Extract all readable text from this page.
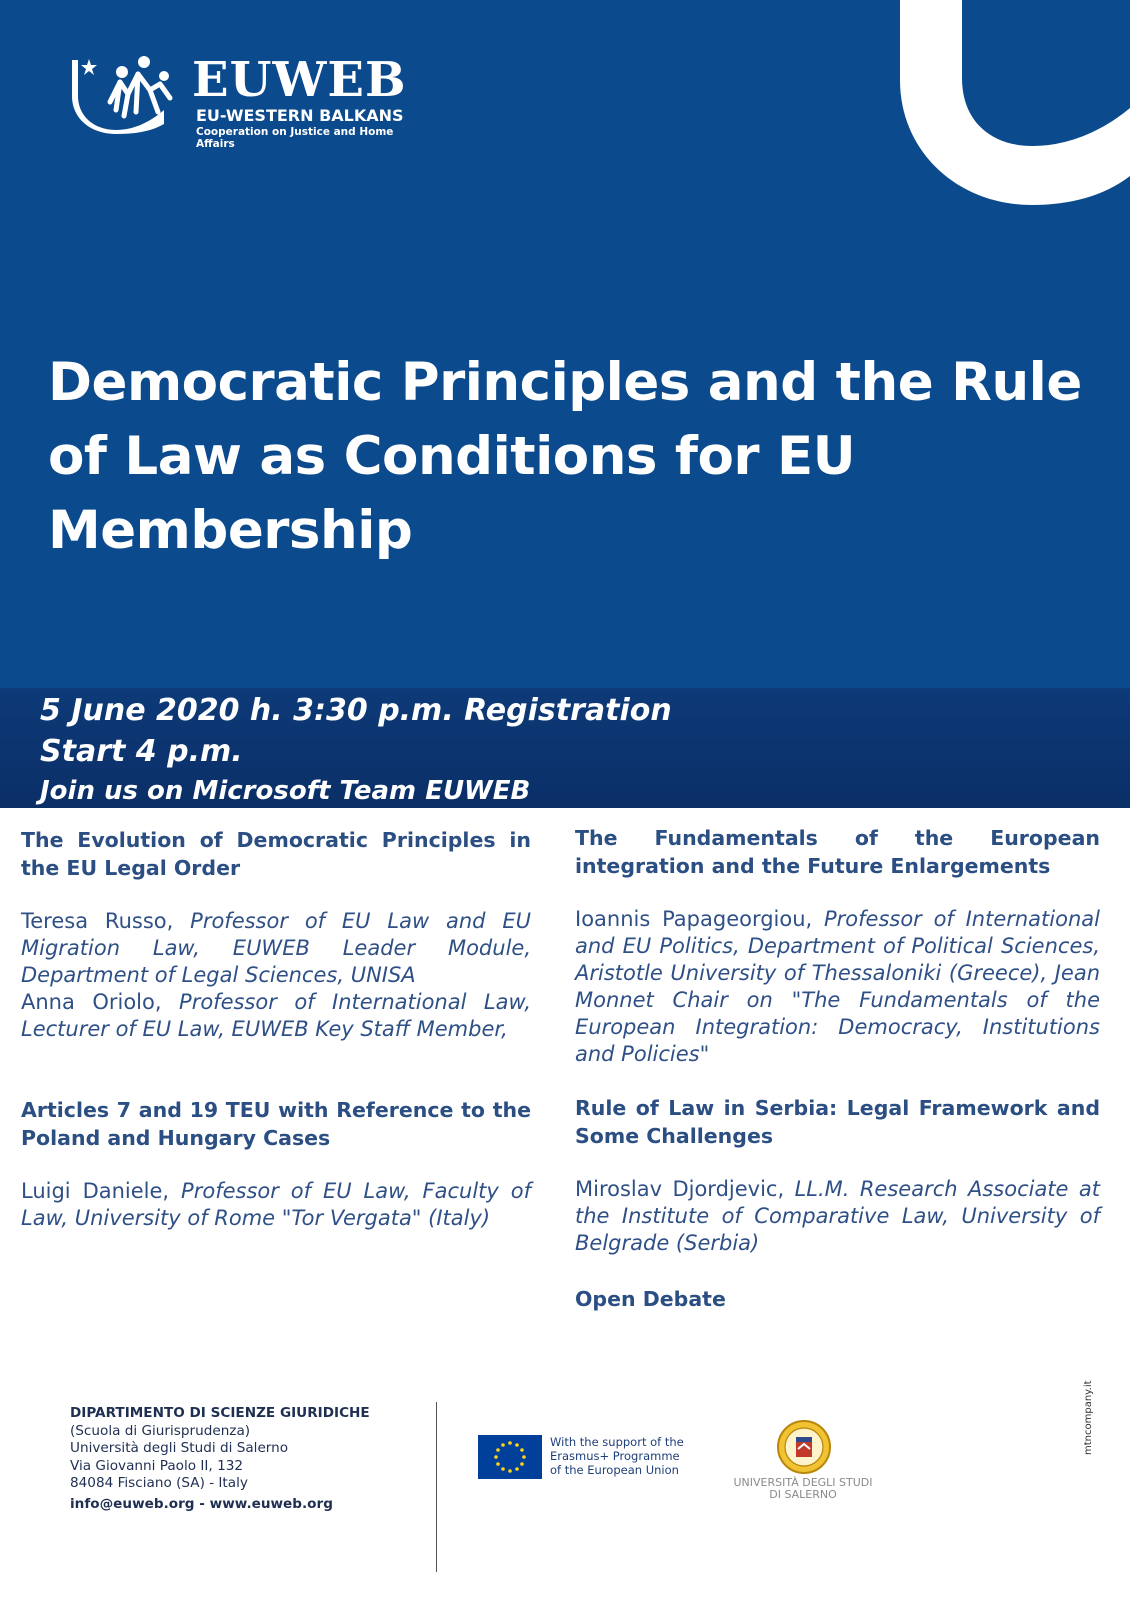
EUWEB
EU-WESTERN BALKANS
Cooperation on Justice and Home Affairs
Democratic Principles and the Rule of Law as Conditions for EU Membership
5 June 2020 h. 3:30 p.m. Registration
Start 4 p.m.
Join us on Microsoft Team EUWEB

The Evolution of Democratic Principles in the EU Legal Order

Teresa Russo, Professor of EU Law and EU Migration Law, EUWEB Leader Module, Department of Legal Sciences, UNISA

Anna Oriolo, Professor of International Law, Lecturer of EU Law, EUWEB Key Staff Member,

Articles 7 and 19 TEU with Reference to the Poland and Hungary Cases

Luigi Daniele, Professor of EU Law, Faculty of Law, University of Rome "Tor Vergata" (Italy)

The Fundamentals of the European integration and the Future Enlargements

Ioannis Papageorgiou, Professor of International and EU Politics, Department of Political Sciences, Aristotle University of Thessaloniki (Greece), Jean Monnet Chair on "The Fundamentals of the European Integration: Democracy, Institutions and Policies"

Rule of Law in Serbia: Legal Framework and Some Challenges

Miroslav Djordjevic, LL.M. Research Associate at the Institute of Comparative Law, University of Belgrade (Serbia)

Open Debate

DIPARTIMENTO DI SCIENZE GIURIDICHE
(Scuola di Giurisprudenza)
Università degli Studi di Salerno
Via Giovanni Paolo II, 132
84084 Fisciano (SA) - Italy
info@euweb.org - www.euweb.org
With the support of the Erasmus+ Programme of the European Union
UNIVERSITÀ DEGLI STUDI
DI SALERNO
mtncompany.it
